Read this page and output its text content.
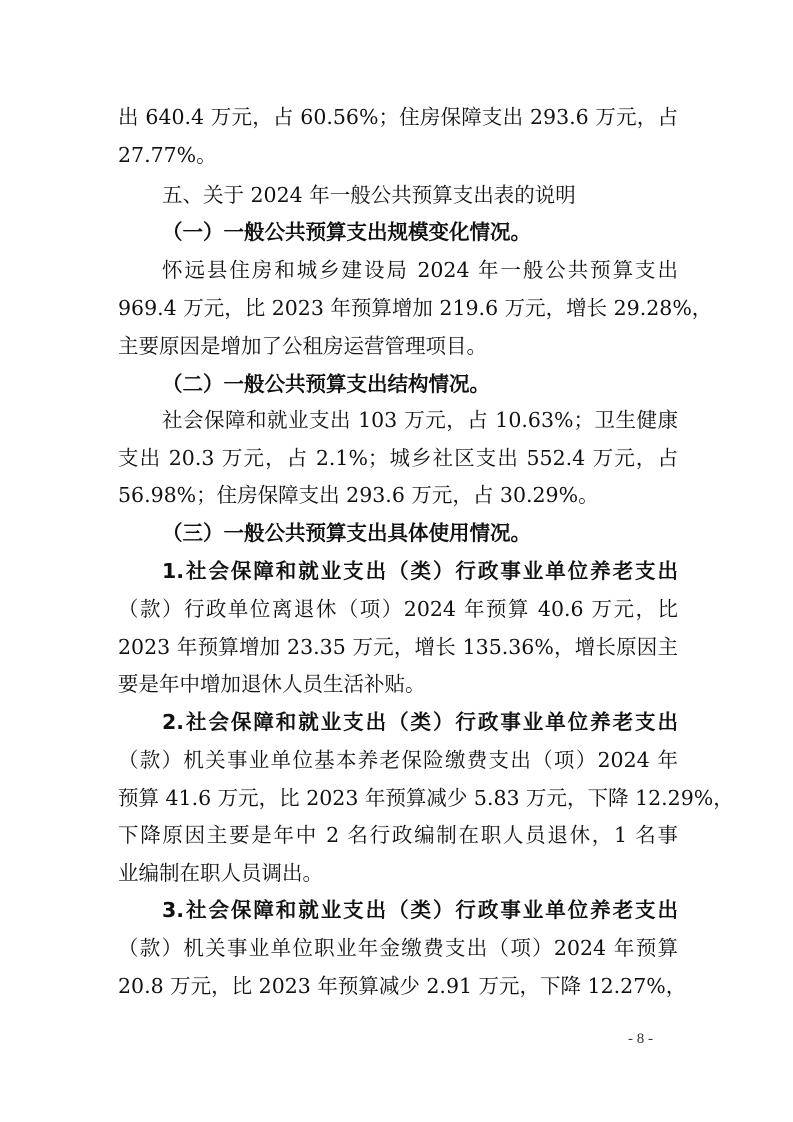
出 640.4 万元，占 60.56%；住房保障支出 293.6 万元，占
27.77%。
五、关于 2024 年一般公共预算支出表的说明
（一）一般公共预算支出规模变化情况。
怀远县住房和城乡建设局 2024 年一般公共预算支出
969.4 万元，比 2023 年预算增加 219.6 万元，增长 29.28%，
主要原因是增加了公租房运营管理项目。
（二）一般公共预算支出结构情况。
社会保障和就业支出 103 万元，占 10.63%；卫生健康
支出 20.3 万元，占 2.1%；城乡社区支出 552.4 万元，占
56.98%；住房保障支出 293.6 万元，占 30.29%。
（三）一般公共预算支出具体使用情况。
1.社会保障和就业支出（类）行政事业单位养老支出
（款）行政单位离退休（项）2024 年预算 40.6 万元，比
2023 年预算增加 23.35 万元，增长 135.36%，增长原因主
要是年中增加退休人员生活补贴。
2.社会保障和就业支出（类）行政事业单位养老支出
（款）机关事业单位基本养老保险缴费支出（项）2024 年
预算 41.6 万元，比 2023 年预算减少 5.83 万元，下降 12.29%，
下降原因主要是年中 2 名行政编制在职人员退休，1 名事
业编制在职人员调出。
3.社会保障和就业支出（类）行政事业单位养老支出
（款）机关事业单位职业年金缴费支出（项）2024 年预算
20.8 万元，比 2023 年预算减少 2.91 万元，下降 12.27%，
- 8 -
